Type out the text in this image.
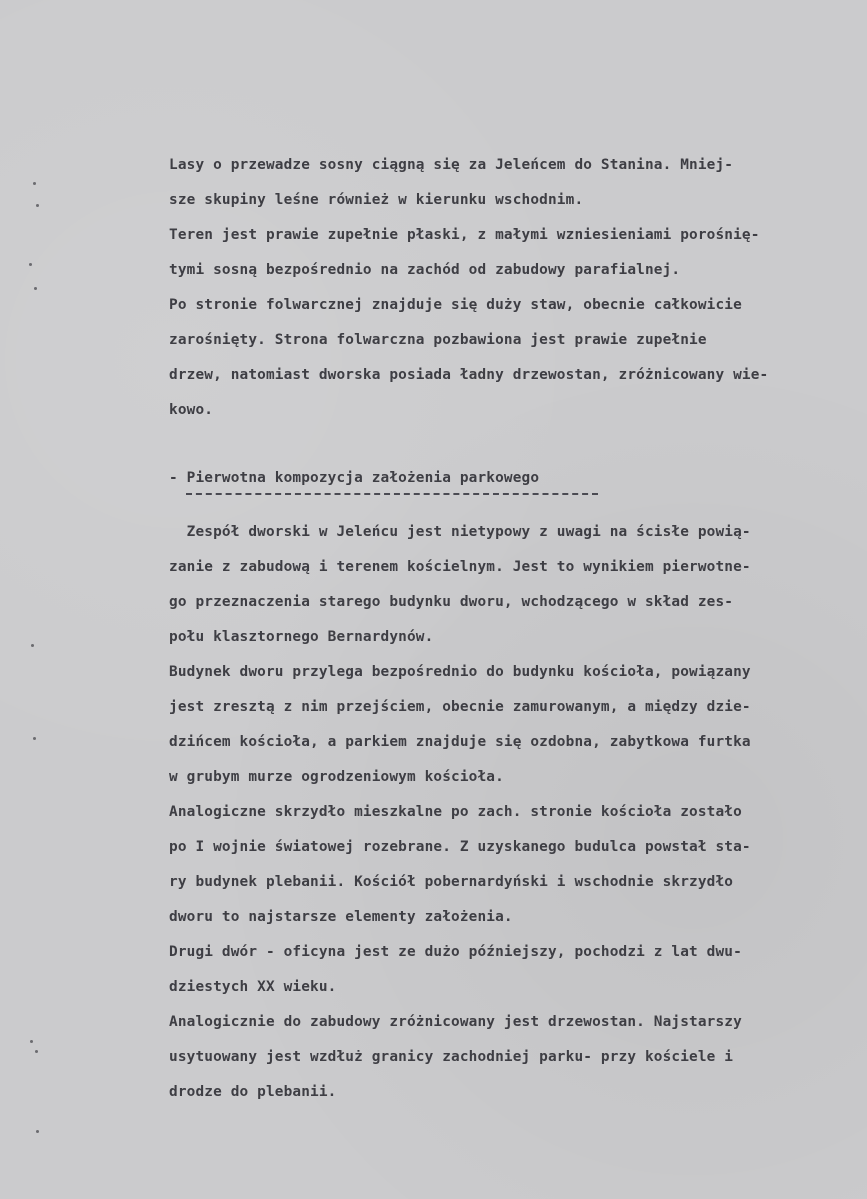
Lasy o przewadze sosny ciągną się za Jeleńcem do Stanina. Mniej-
sze skupiny leśne również w kierunku wschodnim.
Teren jest prawie zupełnie płaski, z małymi wzniesieniami porośnię-
tymi sosną bezpośrednio na zachód od zabudowy parafialnej.
Po stronie folwarcznej znajduje się duży staw, obecnie całkowicie
zarośnięty. Strona folwarczna pozbawiona jest prawie zupełnie
drzew, natomiast dworska posiada ładny drzewostan, zróżnicowany wie-
kowo.
- Pierwotna kompozycja założenia parkowego
Zespół dworski w Jeleńcu jest nietypowy z uwagi na ścisłe powią-
zanie z zabudową i terenem kościelnym. Jest to wynikiem pierwotne-
go przeznaczenia starego budynku dworu, wchodzącego w skład zes-
połu klasztornego Bernardynów.
Budynek dworu przylega bezpośrednio do budynku kościoła, powiązany
jest zresztą z nim przejściem, obecnie zamurowanym, a między dzie-
dzińcem kościoła, a parkiem znajduje się ozdobna, zabytkowa furtka
w grubym murze ogrodzeniowym kościoła.
Analogiczne skrzydło mieszkalne po zach. stronie kościoła zostało
po I wojnie światowej rozebrane. Z uzyskanego budulca powstał sta-
ry budynek plebanii. Kościół pobernardyński i wschodnie skrzydło
dworu to najstarsze elementy założenia.
Drugi dwór - oficyna jest ze dużo późniejszy, pochodzi z lat dwu-
dziestych XX wieku.
Analogicznie do zabudowy zróżnicowany jest drzewostan. Najstarszy
usytuowany jest wzdłuż granicy zachodniej parku- przy kościele i
drodze do plebanii.
